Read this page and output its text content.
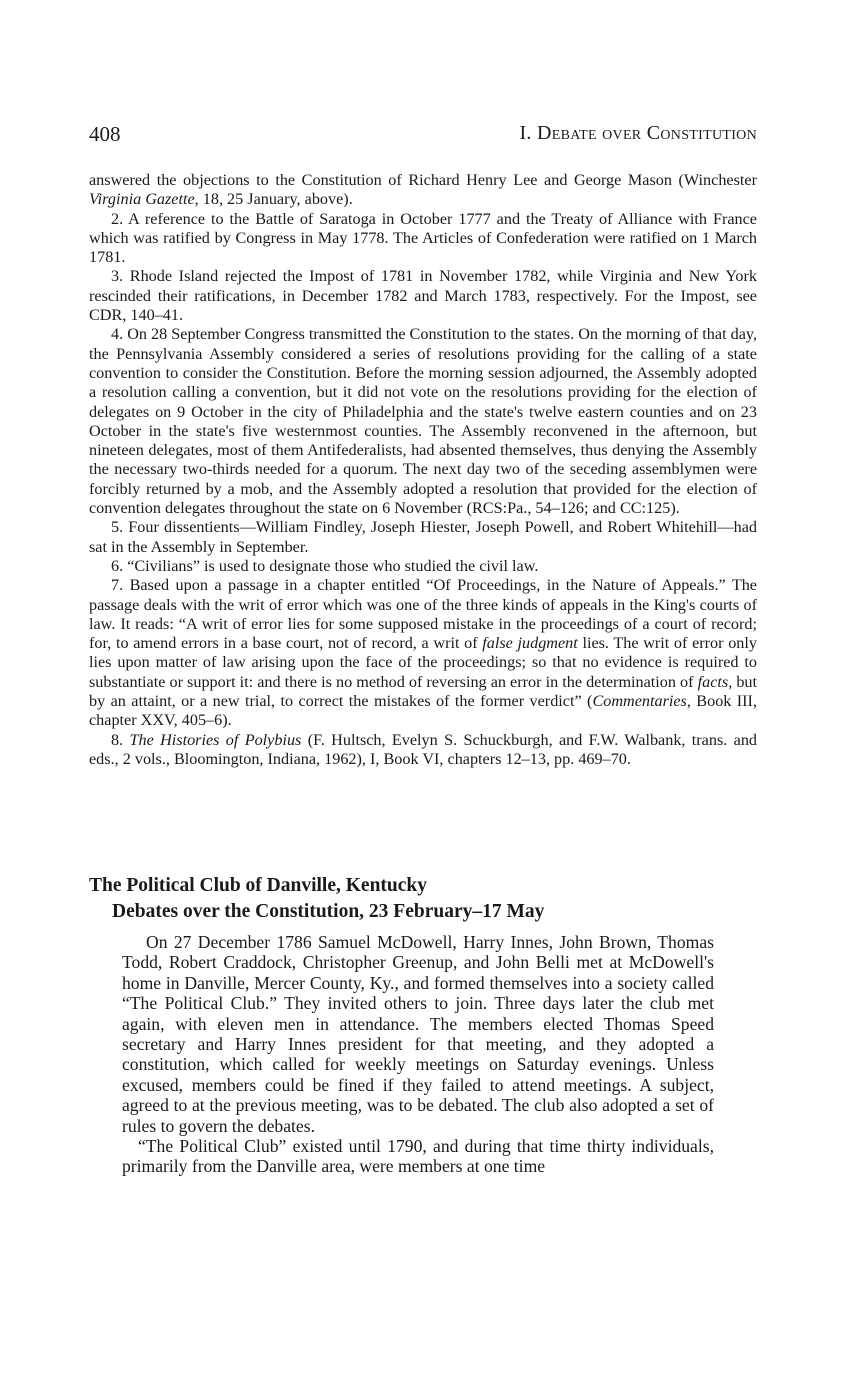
408	I. Debate over Constitution

answered the objections to the Constitution of Richard Henry Lee and George Mason (Winchester Virginia Gazette, 18, 25 January, above).

2. A reference to the Battle of Saratoga in October 1777 and the Treaty of Alliance with France which was ratified by Congress in May 1778. The Articles of Confederation were ratified on 1 March 1781.

3. Rhode Island rejected the Impost of 1781 in November 1782, while Virginia and New York rescinded their ratifications, in December 1782 and March 1783, respectively. For the Impost, see CDR, 140–41.

4. On 28 September Congress transmitted the Constitution to the states. On the morning of that day, the Pennsylvania Assembly considered a series of resolutions providing for the calling of a state convention to consider the Constitution. Before the morning session adjourned, the Assembly adopted a resolution calling a convention, but it did not vote on the resolutions providing for the election of delegates on 9 October in the city of Philadelphia and the state's twelve eastern counties and on 23 October in the state's five westernmost counties. The Assembly reconvened in the afternoon, but nineteen delegates, most of them Antifederalists, had absented themselves, thus denying the Assembly the necessary two-thirds needed for a quorum. The next day two of the seceding assemblymen were forcibly returned by a mob, and the Assembly adopted a resolution that provided for the election of convention delegates throughout the state on 6 November (RCS:Pa., 54–126; and CC:125).

5. Four dissentients—William Findley, Joseph Hiester, Joseph Powell, and Robert Whitehill—had sat in the Assembly in September.

6. “Civilians” is used to designate those who studied the civil law.

7. Based upon a passage in a chapter entitled “Of Proceedings, in the Nature of Appeals.” The passage deals with the writ of error which was one of the three kinds of appeals in the King's courts of law. It reads: “A writ of error lies for some supposed mistake in the proceedings of a court of record; for, to amend errors in a base court, not of record, a writ of false judgment lies. The writ of error only lies upon matter of law arising upon the face of the proceedings; so that no evidence is required to substantiate or support it: and there is no method of reversing an error in the determination of facts, but by an attaint, or a new trial, to correct the mistakes of the former verdict” (Commentaries, Book III, chapter XXV, 405–6).

8. The Histories of Polybius (F. Hultsch, Evelyn S. Schuckburgh, and F.W. Walbank, trans. and eds., 2 vols., Bloomington, Indiana, 1962), I, Book VI, chapters 12–13, pp. 469–70.

The Political Club of Danville, Kentucky
Debates over the Constitution, 23 February–17 May

On 27 December 1786 Samuel McDowell, Harry Innes, John Brown, Thomas Todd, Robert Craddock, Christopher Greenup, and John Belli met at McDowell's home in Danville, Mercer County, Ky., and formed themselves into a society called “The Political Club.” They invited others to join. Three days later the club met again, with eleven men in attendance. The members elected Thomas Speed secretary and Harry Innes president for that meeting, and they adopted a constitution, which called for weekly meetings on Saturday evenings. Unless excused, members could be fined if they failed to attend meetings. A subject, agreed to at the previous meeting, was to be debated. The club also adopted a set of rules to govern the debates.

“The Political Club” existed until 1790, and during that time thirty individuals, primarily from the Danville area, were members at one time
